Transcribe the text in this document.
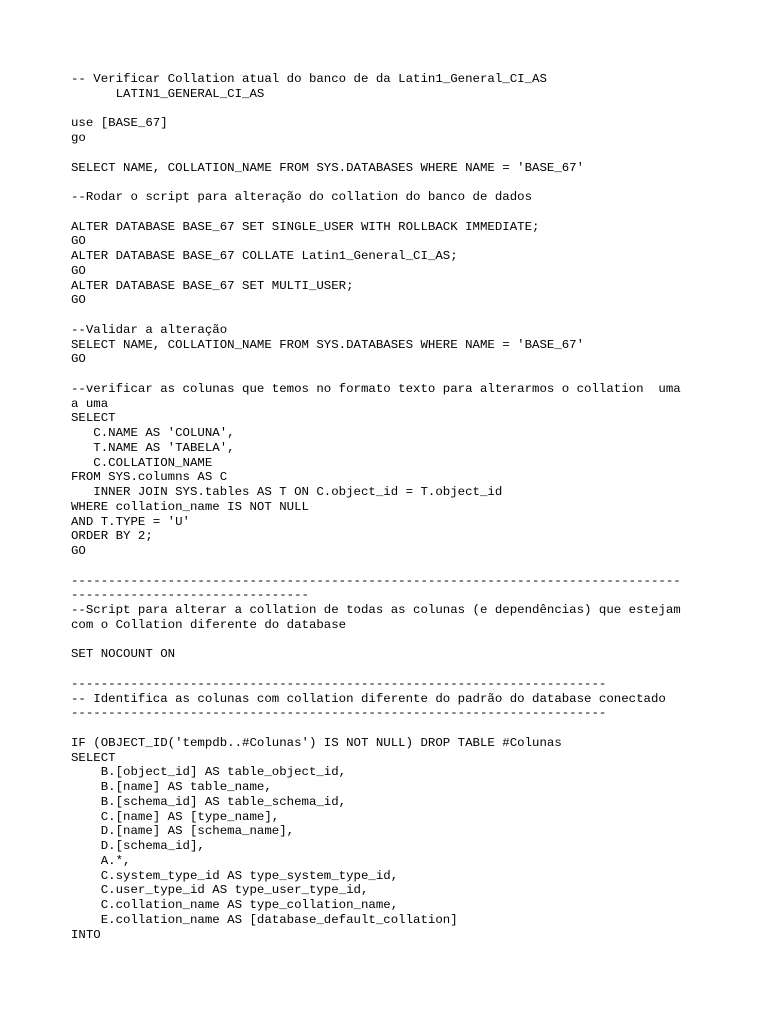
-- Verificar Collation atual do banco de da Latin1_General_CI_AS
LATIN1_GENERAL_CI_AS
use [BASE_67]
go
SELECT NAME, COLLATION_NAME FROM SYS.DATABASES WHERE NAME = 'BASE_67'
--Rodar o script para alteração do collation do banco de dados
ALTER DATABASE BASE_67 SET SINGLE_USER WITH ROLLBACK IMMEDIATE;
GO
ALTER DATABASE BASE_67 COLLATE Latin1_General_CI_AS;
GO
ALTER DATABASE BASE_67 SET MULTI_USER;
GO
--Validar a alteração
SELECT NAME, COLLATION_NAME FROM SYS.DATABASES WHERE NAME = 'BASE_67'
GO
--verificar as colunas que temos no formato texto para alterarmos o collation  uma
a uma
SELECT
C.NAME AS 'COLUNA',
T.NAME AS 'TABELA',
C.COLLATION_NAME
FROM SYS.columns AS C
INNER JOIN SYS.tables AS T ON C.object_id = T.object_id
WHERE collation_name IS NOT NULL
AND T.TYPE = 'U'
ORDER BY 2;
GO
----------------------------------------------------------------------------------
--------------------------------
--Script para alterar a collation de todas as colunas (e dependências) que estejam
com o Collation diferente do database
SET NOCOUNT ON
------------------------------------------------------------------------
-- Identifica as colunas com collation diferente do padrão do database conectado
------------------------------------------------------------------------
IF (OBJECT_ID('tempdb..#Colunas') IS NOT NULL) DROP TABLE #Colunas
SELECT
B.[object_id] AS table_object_id,
B.[name] AS table_name,
B.[schema_id] AS table_schema_id,
C.[name] AS [type_name],
D.[name] AS [schema_name],
D.[schema_id],
A.*,
C.system_type_id AS type_system_type_id,
C.user_type_id AS type_user_type_id,
C.collation_name AS type_collation_name,
E.collation_name AS [database_default_collation]
INTO
